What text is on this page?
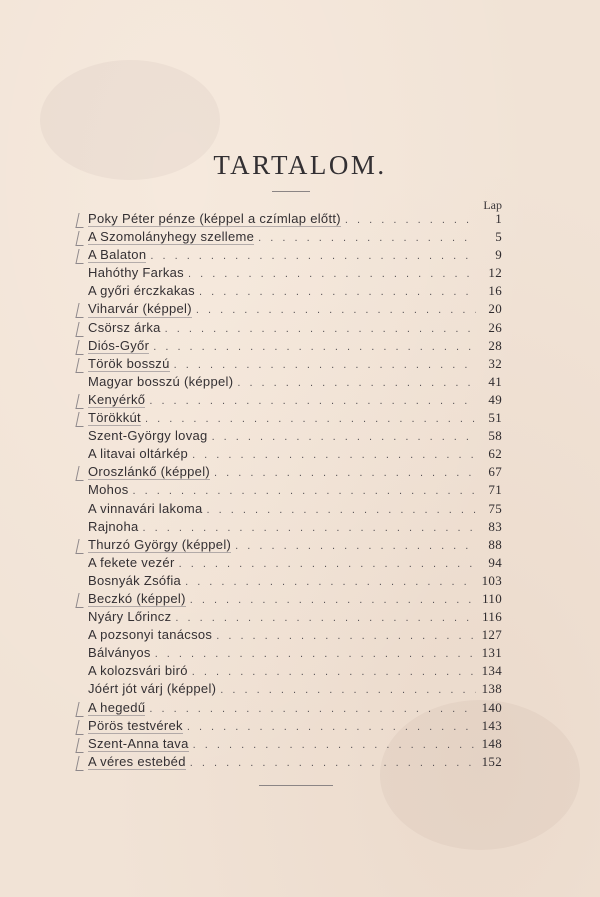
TARTALOM.
Lap
Poky Péter pénze (képpel a czímlap előtt) . . .	1
A Szomolányhegy szelleme . . .	5
A Balaton . . .	9
Hahóthy Farkas . . .	12
A győri érczkakas . . .	16
Viharvár (képpel) . . .	20
Csörsz árka . . .	26
Diós-Győr . . .	28
Török bosszú . . .	32
Magyar bosszú (képpel) . . .	41
Kenyérkő . . .	49
Törökkút . . .	51
Szent-György lovag . . .	58
A litavai oltárkép . . .	62
Oroszlánkő (képpel) . . .	67
Mohos . . .	71
A vinnavári lakoma . . .	75
Rajnoha . . .	83
Thurzó György (képpel) . . .	88
A fekete vezér . . .	94
Bosnyák Zsófia . . .	103
Beczkó (képpel) . . .	110
Nyáry Lőrincz . . .	116
A pozsonyi tanácsos . . .	127
Bálványos . . .	131
A kolozsvári biró . . .	134
Jóért jót várj (képpel) . . .	138
A hegedű . . .	140
Pörös testvérek . . .	143
Szent-Anna tava . . .	148
A véres estebéd . . .	152
